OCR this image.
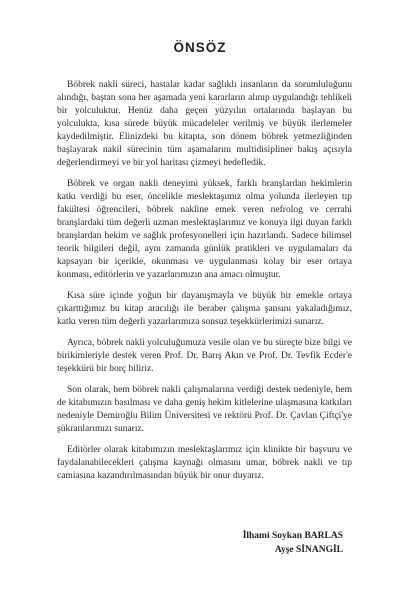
ÖNSÖZ

Böbrek nakli süreci, hastalar kadar sağlıklı insanların da sorumluluğunu alındığı, baştan sona her aşamada yeni kararların alınıp uygulandığı tehlikeli bir yolculuktur. Henüz daha geçen yüzyılın ortalarında başlayan bu yolculukta, kısa sürede büyük mücadeleler verilmiş ve büyük ilerlemeler kaydedilmiştir. Elinizdeki bu kitapta, son dönem böbrek yetmezliğinden başlayarak nakil sürecinin tüm aşamalarını multidisipliner bakış açısıyla değerlendirmeyi ve bir yol haritası çizmeyi hedefledik.

Böbrek ve organ nakli deneyimi yüksek, farklı branşlardan hekimlerin katkı verdiği bu eser, öncelikle meslektaşımız olma yolunda ilerleyen tıp fakültesi öğrencileri, böbrek nakline emek veren nefrolog ve cerrahi branşlardaki tüm değerli uzman meslektaşlarımız ve konuya ilgi duyan farklı branşlardan hekim ve sağlık profesyonelleri için hazırlandı. Sadece bilimsel teorik bilgileri değil, aynı zamanda günlük pratikleri ve uygulamaları da kapsayan bir içerikle, okunması ve uygulanması kolay bir eser ortaya konması, editörlerin ve yazarlarımızın ana amacı olmuştur.

Kısa süre içinde yoğun bir dayanışmayla ve büyük bir emekle ortaya çıkarttığımız bu kitap aracılığı ile beraber çalışma şansını yakaladığımız, katkı veren tüm değerli yazarlarımıza sonsuz teşekkürlerimizi sunarız.

Ayrıca, böbrek nakli yolculuğumuza vesile olan ve bu süreçte bize bilgi ve birikimleriyle destek veren Prof. Dr. Barış Akın ve Prof. Dr. Tevfik Ecder'e teşekkürü bir borç biliriz.

Son olarak, hem böbrek nakli çalışmalarına verdiği destek nedeniyle, hem de kitabımızın basılması ve daha geniş hekim kitlelerine ulaşmasına katkıları nedeniyle Demiroğlu Bilim Üniversitesi ve rektörü Prof. Dr. Çavlan Çiftçi'ye şükranlarımızı sunarız.

Editörler olarak kitabımızın meslektaşlarımız için klinikte bir başvuru ve faydalanabilecekleri çalışma kaynağı olmasını umar, böbrek nakli ve tıp camiasına kazandırılmasından büyük bir onur duyarız.

İlhami Soykan BARLAS
Ayşe SİNANGİL
